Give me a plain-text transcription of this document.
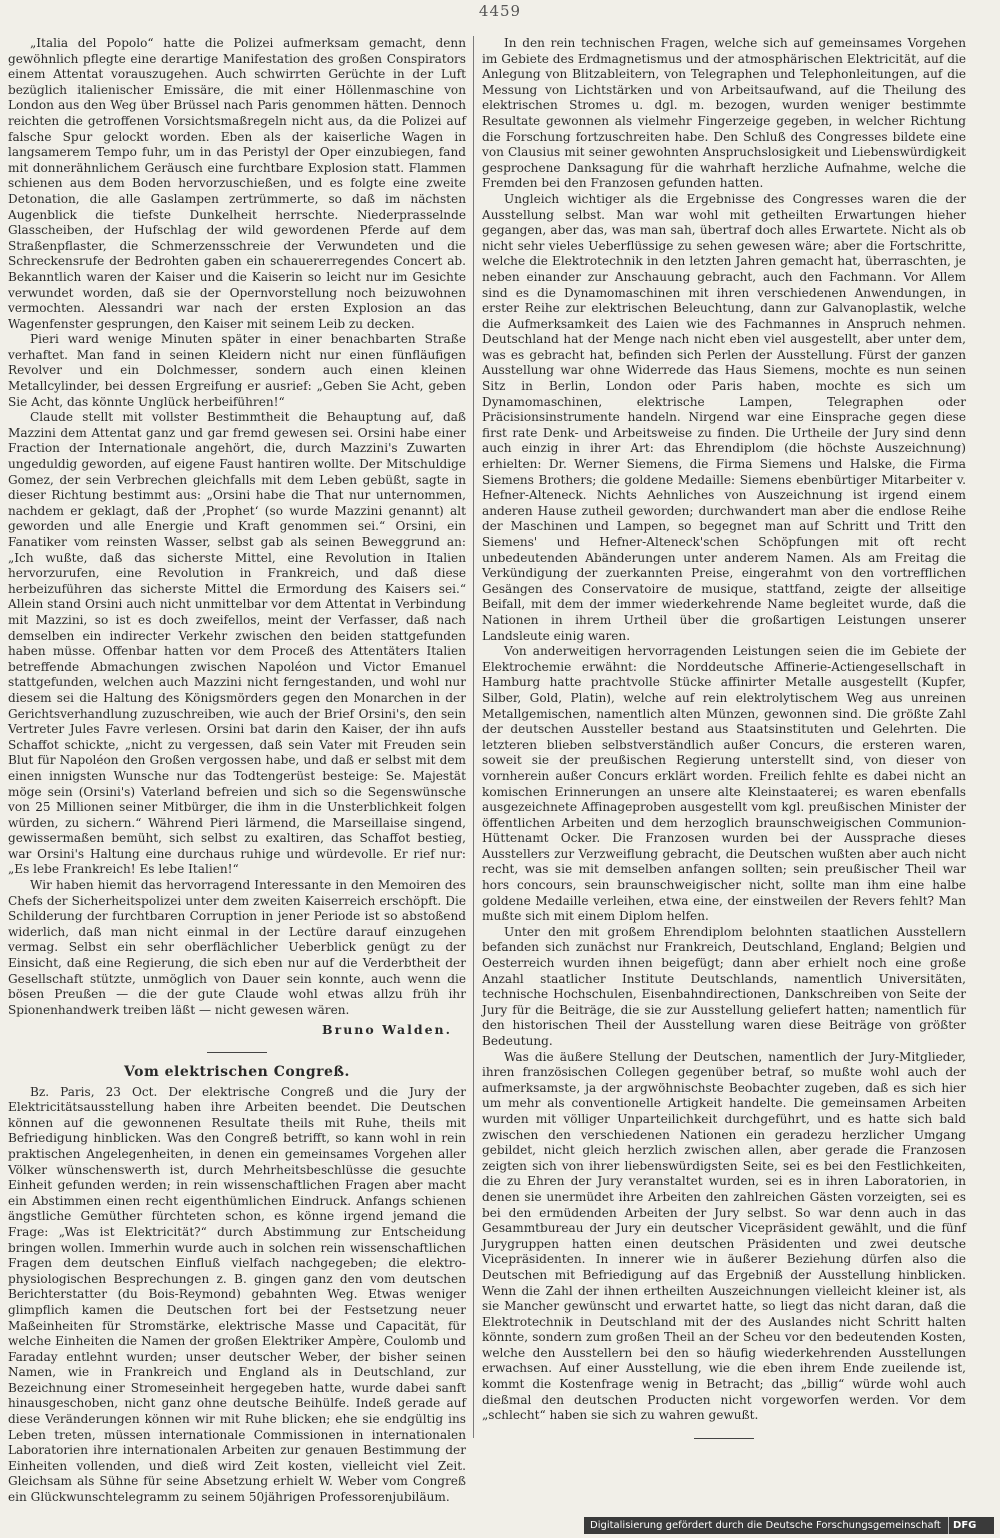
4459

„Italia del Popolo“ hatte die Polizei aufmerksam gemacht, denn gewöhnlich pflegte eine derartige Manifestation des großen Conspirators einem Attentat vorauszugehen. Auch schwirrten Gerüchte in der Luft bezüglich italienischer Emissäre, die mit einer Höllenmaschine von London aus den Weg über Brüssel nach Paris genommen hätten. Dennoch reichten die getroffenen Vorsichtsmaßregeln nicht aus, da die Polizei auf falsche Spur gelockt worden. Eben als der kaiserliche Wagen in langsamerem Tempo fuhr, um in das Peristyl der Oper einzubiegen, fand mit donnerähnlichem Geräusch eine furchtbare Explosion statt. Flammen schienen aus dem Boden hervorzuschießen, und es folgte eine zweite Detonation, die alle Gaslampen zertrümmerte, so daß im nächsten Augenblick die tiefste Dunkelheit herrschte. Niederprasselnde Glasscheiben, der Hufschlag der wild gewordenen Pferde auf dem Straßenpflaster, die Schmerzensschreie der Verwundeten und die Schreckensrufe der Bedrohten gaben ein schauererregendes Concert ab. Bekanntlich waren der Kaiser und die Kaiserin so leicht nur im Gesichte verwundet worden, daß sie der Opernvorstellung noch beizuwohnen vermochten. Alessandri war nach der ersten Explosion an das Wagenfenster gesprungen, den Kaiser mit seinem Leib zu decken.

Pieri ward wenige Minuten später in einer benachbarten Straße verhaftet. Man fand in seinen Kleidern nicht nur einen fünfläufigen Revolver und ein Dolchmesser, sondern auch einen kleinen Metallcylinder, bei dessen Ergreifung er ausrief: „Geben Sie Acht, geben Sie Acht, das könnte Unglück herbeiführen!“

Claude stellt mit vollster Bestimmtheit die Behauptung auf, daß Mazzini dem Attentat ganz und gar fremd gewesen sei. Orsini habe einer Fraction der Internationale angehört, die, durch Mazzini's Zuwarten ungeduldig geworden, auf eigene Faust hantiren wollte. Der Mitschuldige Gomez, der sein Verbrechen gleichfalls mit dem Leben gebüßt, sagte in dieser Richtung bestimmt aus: „Orsini habe die That nur unternommen, nachdem er geklagt, daß der ‚Prophet‘ (so wurde Mazzini genannt) alt geworden und alle Energie und Kraft genommen sei.“ Orsini, ein Fanatiker vom reinsten Wasser, selbst gab als seinen Beweggrund an: „Ich wußte, daß das sicherste Mittel, eine Revolution in Italien hervorzurufen, eine Revolution in Frankreich, und daß diese herbeizuführen das sicherste Mittel die Ermordung des Kaisers sei.“ Allein stand Orsini auch nicht unmittelbar vor dem Attentat in Verbindung mit Mazzini, so ist es doch zweifellos, meint der Verfasser, daß nach demselben ein indirecter Verkehr zwischen den beiden stattgefunden haben müsse. Offenbar hatten vor dem Proceß des Attentäters Italien betreffende Abmachungen zwischen Napoléon und Victor Emanuel stattgefunden, welchen auch Mazzini nicht ferngestanden, und wohl nur diesem sei die Haltung des Königsmörders gegen den Monarchen in der Gerichtsverhandlung zuzuschreiben, wie auch der Brief Orsini's, den sein Vertreter Jules Favre verlesen. Orsini bat darin den Kaiser, der ihn aufs Schaffot schickte, „nicht zu vergessen, daß sein Vater mit Freuden sein Blut für Napoléon den Großen vergossen habe, und daß er selbst mit dem einen innigsten Wunsche nur das Todtengerüst besteige: Se. Majestät möge sein (Orsini's) Vaterland befreien und sich so die Segenswünsche von 25 Millionen seiner Mitbürger, die ihm in die Unsterblichkeit folgen würden, zu sichern.“ Während Pieri lärmend, die Marseillaise singend, gewissermaßen bemüht, sich selbst zu exaltiren, das Schaffot bestieg, war Orsini's Haltung eine durchaus ruhige und würdevolle. Er rief nur: „Es lebe Frankreich! Es lebe Italien!“

Wir haben hiemit das hervorragend Interessante in den Memoiren des Chefs der Sicherheitspolizei unter dem zweiten Kaiserreich erschöpft. Die Schilderung der furchtbaren Corruption in jener Periode ist so abstoßend widerlich, daß man nicht einmal in der Lectüre darauf einzugehen vermag. Selbst ein sehr oberflächlicher Ueberblick genügt zu der Einsicht, daß eine Regierung, die sich eben nur auf die Verderbtheit der Gesellschaft stützte, unmöglich von Dauer sein konnte, auch wenn die bösen Preußen — die der gute Claude wohl etwas allzu früh ihr Spionenhandwerk treiben läßt — nicht gewesen wären.

Bruno Walden.
Vom elektrischen Congreß.

Bz. Paris, 23 Oct. Der elektrische Congreß und die Jury der Elektricitätsausstellung haben ihre Arbeiten beendet. Die Deutschen können auf die gewonnenen Resultate theils mit Ruhe, theils mit Befriedigung hinblicken. Was den Congreß betrifft, so kann wohl in rein praktischen Angelegenheiten, in denen ein gemeinsames Vorgehen aller Völker wünschenswerth ist, durch Mehrheitsbeschlüsse die gesuchte Einheit gefunden werden; in rein wissenschaftlichen Fragen aber macht ein Abstimmen einen recht eigenthümlichen Eindruck. Anfangs schienen ängstliche Gemüther fürchteten schon, es könne irgend jemand die Frage: „Was ist Elektricität?“ durch Abstimmung zur Entscheidung bringen wollen. Immerhin wurde auch in solchen rein wissenschaftlichen Fragen dem deutschen Einfluß vielfach nachgegeben; die elektro-physiologischen Besprechungen z. B. gingen ganz den vom deutschen Berichterstatter (du Bois-Reymond) gebahnten Weg. Etwas weniger glimpflich kamen die Deutschen fort bei der Festsetzung neuer Maßeinheiten für Stromstärke, elektrische Masse und Capacität, für welche Einheiten die Namen der großen Elektriker Ampère, Coulomb und Faraday entlehnt wurden; unser deutscher Weber, der bisher seinen Namen, wie in Frankreich und England als in Deutschland, zur Bezeichnung einer Stromeseinheit hergegeben hatte, wurde dabei sanft hinausgeschoben, nicht ganz ohne deutsche Beihülfe. Indeß gerade auf diese Veränderungen können wir mit Ruhe blicken; ehe sie endgültig ins Leben treten, müssen internationale Commissionen in internationalen Laboratorien ihre internationalen Arbeiten zur genauen Bestimmung der Einheiten vollenden, und dieß wird Zeit kosten, vielleicht viel Zeit. Gleichsam als Sühne für seine Absetzung erhielt W. Weber vom Congreß ein Glückwunschtelegramm zu seinem 50jährigen Professorenjubiläum.

In den rein technischen Fragen, welche sich auf gemeinsames Vorgehen im Gebiete des Erdmagnetismus und der atmosphärischen Elektricität, auf die Anlegung von Blitzableitern, von Telegraphen und Telephonleitungen, auf die Messung von Lichtstärken und von Arbeitsaufwand, auf die Theilung des elektrischen Stromes u. dgl. m. bezogen, wurden weniger bestimmte Resultate gewonnen als vielmehr Fingerzeige gegeben, in welcher Richtung die Forschung fortzuschreiten habe. Den Schluß des Congresses bildete eine von Clausius mit seiner gewohnten Anspruchslosigkeit und Liebenswürdigkeit gesprochene Danksagung für die wahrhaft herzliche Aufnahme, welche die Fremden bei den Franzosen gefunden hatten.

Ungleich wichtiger als die Ergebnisse des Congresses waren die der Ausstellung selbst. Man war wohl mit getheilten Erwartungen hieher gegangen, aber das, was man sah, übertraf doch alles Erwartete. Nicht als ob nicht sehr vieles Ueberflüssige zu sehen gewesen wäre; aber die Fortschritte, welche die Elektrotechnik in den letzten Jahren gemacht hat, überraschten, je neben einander zur Anschauung gebracht, auch den Fachmann. Vor Allem sind es die Dynamomaschinen mit ihren verschiedenen Anwendungen, in erster Reihe zur elektrischen Beleuchtung, dann zur Galvanoplastik, welche die Aufmerksamkeit des Laien wie des Fachmannes in Anspruch nehmen. Deutschland hat der Menge nach nicht eben viel ausgestellt, aber unter dem, was es gebracht hat, befinden sich Perlen der Ausstellung. Fürst der ganzen Ausstellung war ohne Widerrede das Haus Siemens, mochte es nun seinen Sitz in Berlin, London oder Paris haben, mochte es sich um Dynamomaschinen, elektrische Lampen, Telegraphen oder Präcisionsinstrumente handeln. Nirgend war eine Einsprache gegen diese first rate Denk- und Arbeitsweise zu finden. Die Urtheile der Jury sind denn auch einzig in ihrer Art: das Ehrendiplom (die höchste Auszeichnung) erhielten: Dr. Werner Siemens, die Firma Siemens und Halske, die Firma Siemens Brothers; die goldene Medaille: Siemens ebenbürtiger Mitarbeiter v. Hefner-Alteneck. Nichts Aehnliches von Auszeichnung ist irgend einem anderen Hause zutheil geworden; durchwandert man aber die endlose Reihe der Maschinen und Lampen, so begegnet man auf Schritt und Tritt den Siemens' und Hefner-Alteneck'schen Schöpfungen mit oft recht unbedeutenden Abänderungen unter anderem Namen. Als am Freitag die Verkündigung der zuerkannten Preise, eingerahmt von den vortrefflichen Gesängen des Conservatoire de musique, stattfand, zeigte der allseitige Beifall, mit dem der immer wiederkehrende Name begleitet wurde, daß die Nationen in ihrem Urtheil über die großartigen Leistungen unserer Landsleute einig waren.

Von anderweitigen hervorragenden Leistungen seien die im Gebiete der Elektrochemie erwähnt: die Norddeutsche Affinerie-Actiengesellschaft in Hamburg hatte prachtvolle Stücke affinirter Metalle ausgestellt (Kupfer, Silber, Gold, Platin), welche auf rein elektrolytischem Weg aus unreinen Metallgemischen, namentlich alten Münzen, gewonnen sind. Die größte Zahl der deutschen Aussteller bestand aus Staatsinstituten und Gelehrten. Die letzteren blieben selbstverständlich außer Concurs, die ersteren waren, soweit sie der preußischen Regierung unterstellt sind, von dieser von vornherein außer Concurs erklärt worden. Freilich fehlte es dabei nicht an komischen Erinnerungen an unsere alte Kleinstaaterei; es waren ebenfalls ausgezeichnete Affinageproben ausgestellt vom kgl. preußischen Minister der öffentlichen Arbeiten und dem herzoglich braunschweigischen Communion-Hüttenamt Ocker. Die Franzosen wurden bei der Aussprache dieses Ausstellers zur Verzweiflung gebracht, die Deutschen wußten aber auch nicht recht, was sie mit demselben anfangen sollten; sein preußischer Theil war hors concours, sein braunschweigischer nicht, sollte man ihm eine halbe goldene Medaille verleihen, etwa eine, der einstweilen der Revers fehlt? Man mußte sich mit einem Diplom helfen.

Unter den mit großem Ehrendiplom belohnten staatlichen Ausstellern befanden sich zunächst nur Frankreich, Deutschland, England; Belgien und Oesterreich wurden ihnen beigefügt; dann aber erhielt noch eine große Anzahl staatlicher Institute Deutschlands, namentlich Universitäten, technische Hochschulen, Eisenbahndirectionen, Dankschreiben von Seite der Jury für die Beiträge, die sie zur Ausstellung geliefert hatten; namentlich für den historischen Theil der Ausstellung waren diese Beiträge von größter Bedeutung.

Was die äußere Stellung der Deutschen, namentlich der Jury-Mitglieder, ihren französischen Collegen gegenüber betraf, so mußte wohl auch der aufmerksamste, ja der argwöhnischste Beobachter zugeben, daß es sich hier um mehr als conventionelle Artigkeit handelte. Die gemeinsamen Arbeiten wurden mit völliger Unparteilichkeit durchgeführt, und es hatte sich bald zwischen den verschiedenen Nationen ein geradezu herzlicher Umgang gebildet, nicht gleich herzlich zwischen allen, aber gerade die Franzosen zeigten sich von ihrer liebenswürdigsten Seite, sei es bei den Festlichkeiten, die zu Ehren der Jury veranstaltet wurden, sei es in ihren Laboratorien, in denen sie unermüdet ihre Arbeiten den zahlreichen Gästen vorzeigten, sei es bei den ermüdenden Arbeiten der Jury selbst. So war denn auch in das Gesammtbureau der Jury ein deutscher Vicepräsident gewählt, und die fünf Jurygruppen hatten einen deutschen Präsidenten und zwei deutsche Vicepräsidenten. In innerer wie in äußerer Beziehung dürfen also die Deutschen mit Befriedigung auf das Ergebniß der Ausstellung hinblicken. Wenn die Zahl der ihnen ertheilten Auszeichnungen vielleicht kleiner ist, als sie Mancher gewünscht und erwartet hatte, so liegt das nicht daran, daß die Elektrotechnik in Deutschland mit der des Auslandes nicht Schritt halten könnte, sondern zum großen Theil an der Scheu vor den bedeutenden Kosten, welche den Ausstellern bei den so häufig wiederkehrenden Ausstellungen erwachsen. Auf einer Ausstellung, wie die eben ihrem Ende zueilende ist, kommt die Kostenfrage wenig in Betracht; das „billig“ würde wohl auch dießmal den deutschen Producten nicht vorgeworfen werden. Vor dem „schlecht“ haben sie sich zu wahren gewußt.

Digitalisierung gefördert durch die Deutsche Forschungsgemeinschaft DFG
